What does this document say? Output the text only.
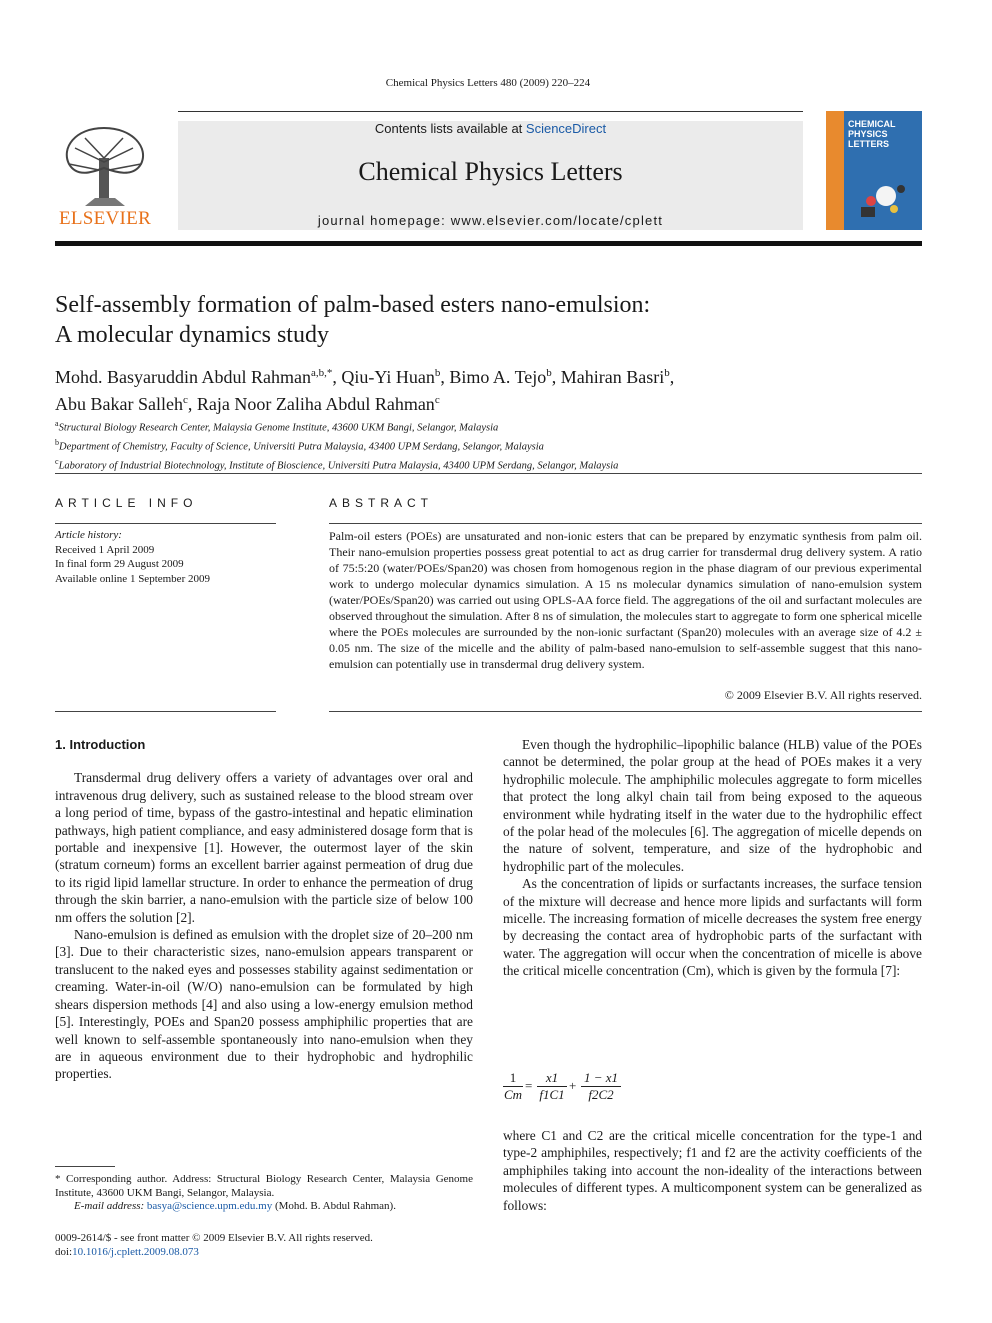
Chemical Physics Letters 480 (2009) 220–224
ELSEVIER
Contents lists available at ScienceDirect
Chemical Physics Letters
journal homepage: www.elsevier.com/locate/cplett
CHEMICAL
PHYSICS
LETTERS
Self-assembly formation of palm-based esters nano-emulsion:
A molecular dynamics study
Mohd. Basyaruddin Abdul Rahman$^{a,b,*}$, Qiu-Yi Huan$^b$, Bimo A. Tejo$^b$, Mahiran Basri$^b$,
Abu Bakar Salleh$^c$, Raja Noor Zaliha Abdul Rahman$^c$
$^a$Structural Biology Research Center, Malaysia Genome Institute, 43600 UKM Bangi, Selangor, Malaysia
$^b$Department of Chemistry, Faculty of Science, Universiti Putra Malaysia, 43400 UPM Serdang, Selangor, Malaysia
$^c$Laboratory of Industrial Biotechnology, Institute of Bioscience, Universiti Putra Malaysia, 43400 UPM Serdang, Selangor, Malaysia
ARTICLE INFO
Article history:
Received 1 April 2009
In final form 29 August 2009
Available online 1 September 2009
ABSTRACT
Palm-oil esters (POEs) are unsaturated and non-ionic esters that can be prepared by enzymatic synthesis from palm oil. Their nano-emulsion properties possess great potential to act as drug carrier for transdermal drug delivery system. A ratio of 75:5:20 (water/POEs/Span20) was chosen from homogenous region in the phase diagram of our previous experimental work to undergo molecular dynamics simulation. A 15 ns molecular dynamics simulation of nano-emulsion system (water/POEs/Span20) was carried out using OPLS-AA force field. The aggregations of the oil and surfactant molecules are observed throughout the simulation. After 8 ns of simulation, the molecules start to aggregate to form one spherical micelle where the POEs molecules are surrounded by the non-ionic surfactant (Span20) molecules with an average size of 4.2 ± 0.05 nm. The size of the micelle and the ability of palm-based nano-emulsion to self-assemble suggest that this nano-emulsion can potentially use in transdermal drug delivery system.
© 2009 Elsevier B.V. All rights reserved.
1. Introduction

Transdermal drug delivery offers a variety of advantages over oral and intravenous drug delivery, such as sustained release to the blood stream over a long period of time, bypass of the gastro-intestinal and hepatic elimination pathways, high patient compliance, and easy administered dosage form that is portable and inexpensive [1]. However, the outermost layer of the skin (stratum corneum) forms an excellent barrier against permeation of drug due to its rigid lipid lamellar structure. In order to enhance the permeation of drug through the skin barrier, a nano-emulsion with the particle size of below 100 nm offers the solution [2].

Nano-emulsion is defined as emulsion with the droplet size of 20–200 nm [3]. Due to their characteristic sizes, nano-emulsion appears transparent or translucent to the naked eyes and possesses stability against sedimentation or creaming. Water-in-oil (W/O) nano-emulsion can be formulated by high shears dispersion methods [4] and also using a low-energy emulsion method [5]. Interestingly, POEs and Span20 possess amphiphilic properties that are well known to self-assemble spontaneously into nano-emulsion when they are in aqueous environment due to their hydrophobic and hydrophilic properties.

Even though the hydrophilic–lipophilic balance (HLB) value of the POEs cannot be determined, the polar group at the head of POEs makes it a very hydrophilic molecule. The amphiphilic molecules aggregate to form micelles that protect the long alkyl chain tail from being exposed to the aqueous environment while hydrating itself in the water due to the hydrophilic effect of the polar head of the molecules [6]. The aggregation of micelle depends on the nature of solvent, temperature, and size of the hydrophobic and hydrophilic part of the molecules.

As the concentration of lipids or surfactants increases, the surface tension of the mixture will decrease and hence more lipids and surfactants will form micelle. The increasing formation of micelle decreases the system free energy by decreasing the contact area of hydrophobic parts of the surfactant with water. The aggregation will occur when the concentration of micelle is above the critical micelle concentration (Cm), which is given by the formula [7]:

$\frac{1}{Cm} = \frac{x1}{f1C1} + \frac{1 - x1}{f2C2}$

where C1 and C2 are the critical micelle concentration for the type-1 and type-2 amphiphiles, respectively; f1 and f2 are the activity coefficients of the amphiphiles taking into account the non-ideality of the interactions between molecules of different types. A multicomponent system can be generalized as follows:

* Corresponding author. Address: Structural Biology Research Center, Malaysia Genome Institute, 43600 UKM Bangi, Selangor, Malaysia.
E-mail address: basya@science.upm.edu.my (Mohd. B. Abdul Rahman).
0009-2614/$ - see front matter © 2009 Elsevier B.V. All rights reserved.
doi:10.1016/j.cplett.2009.08.073
